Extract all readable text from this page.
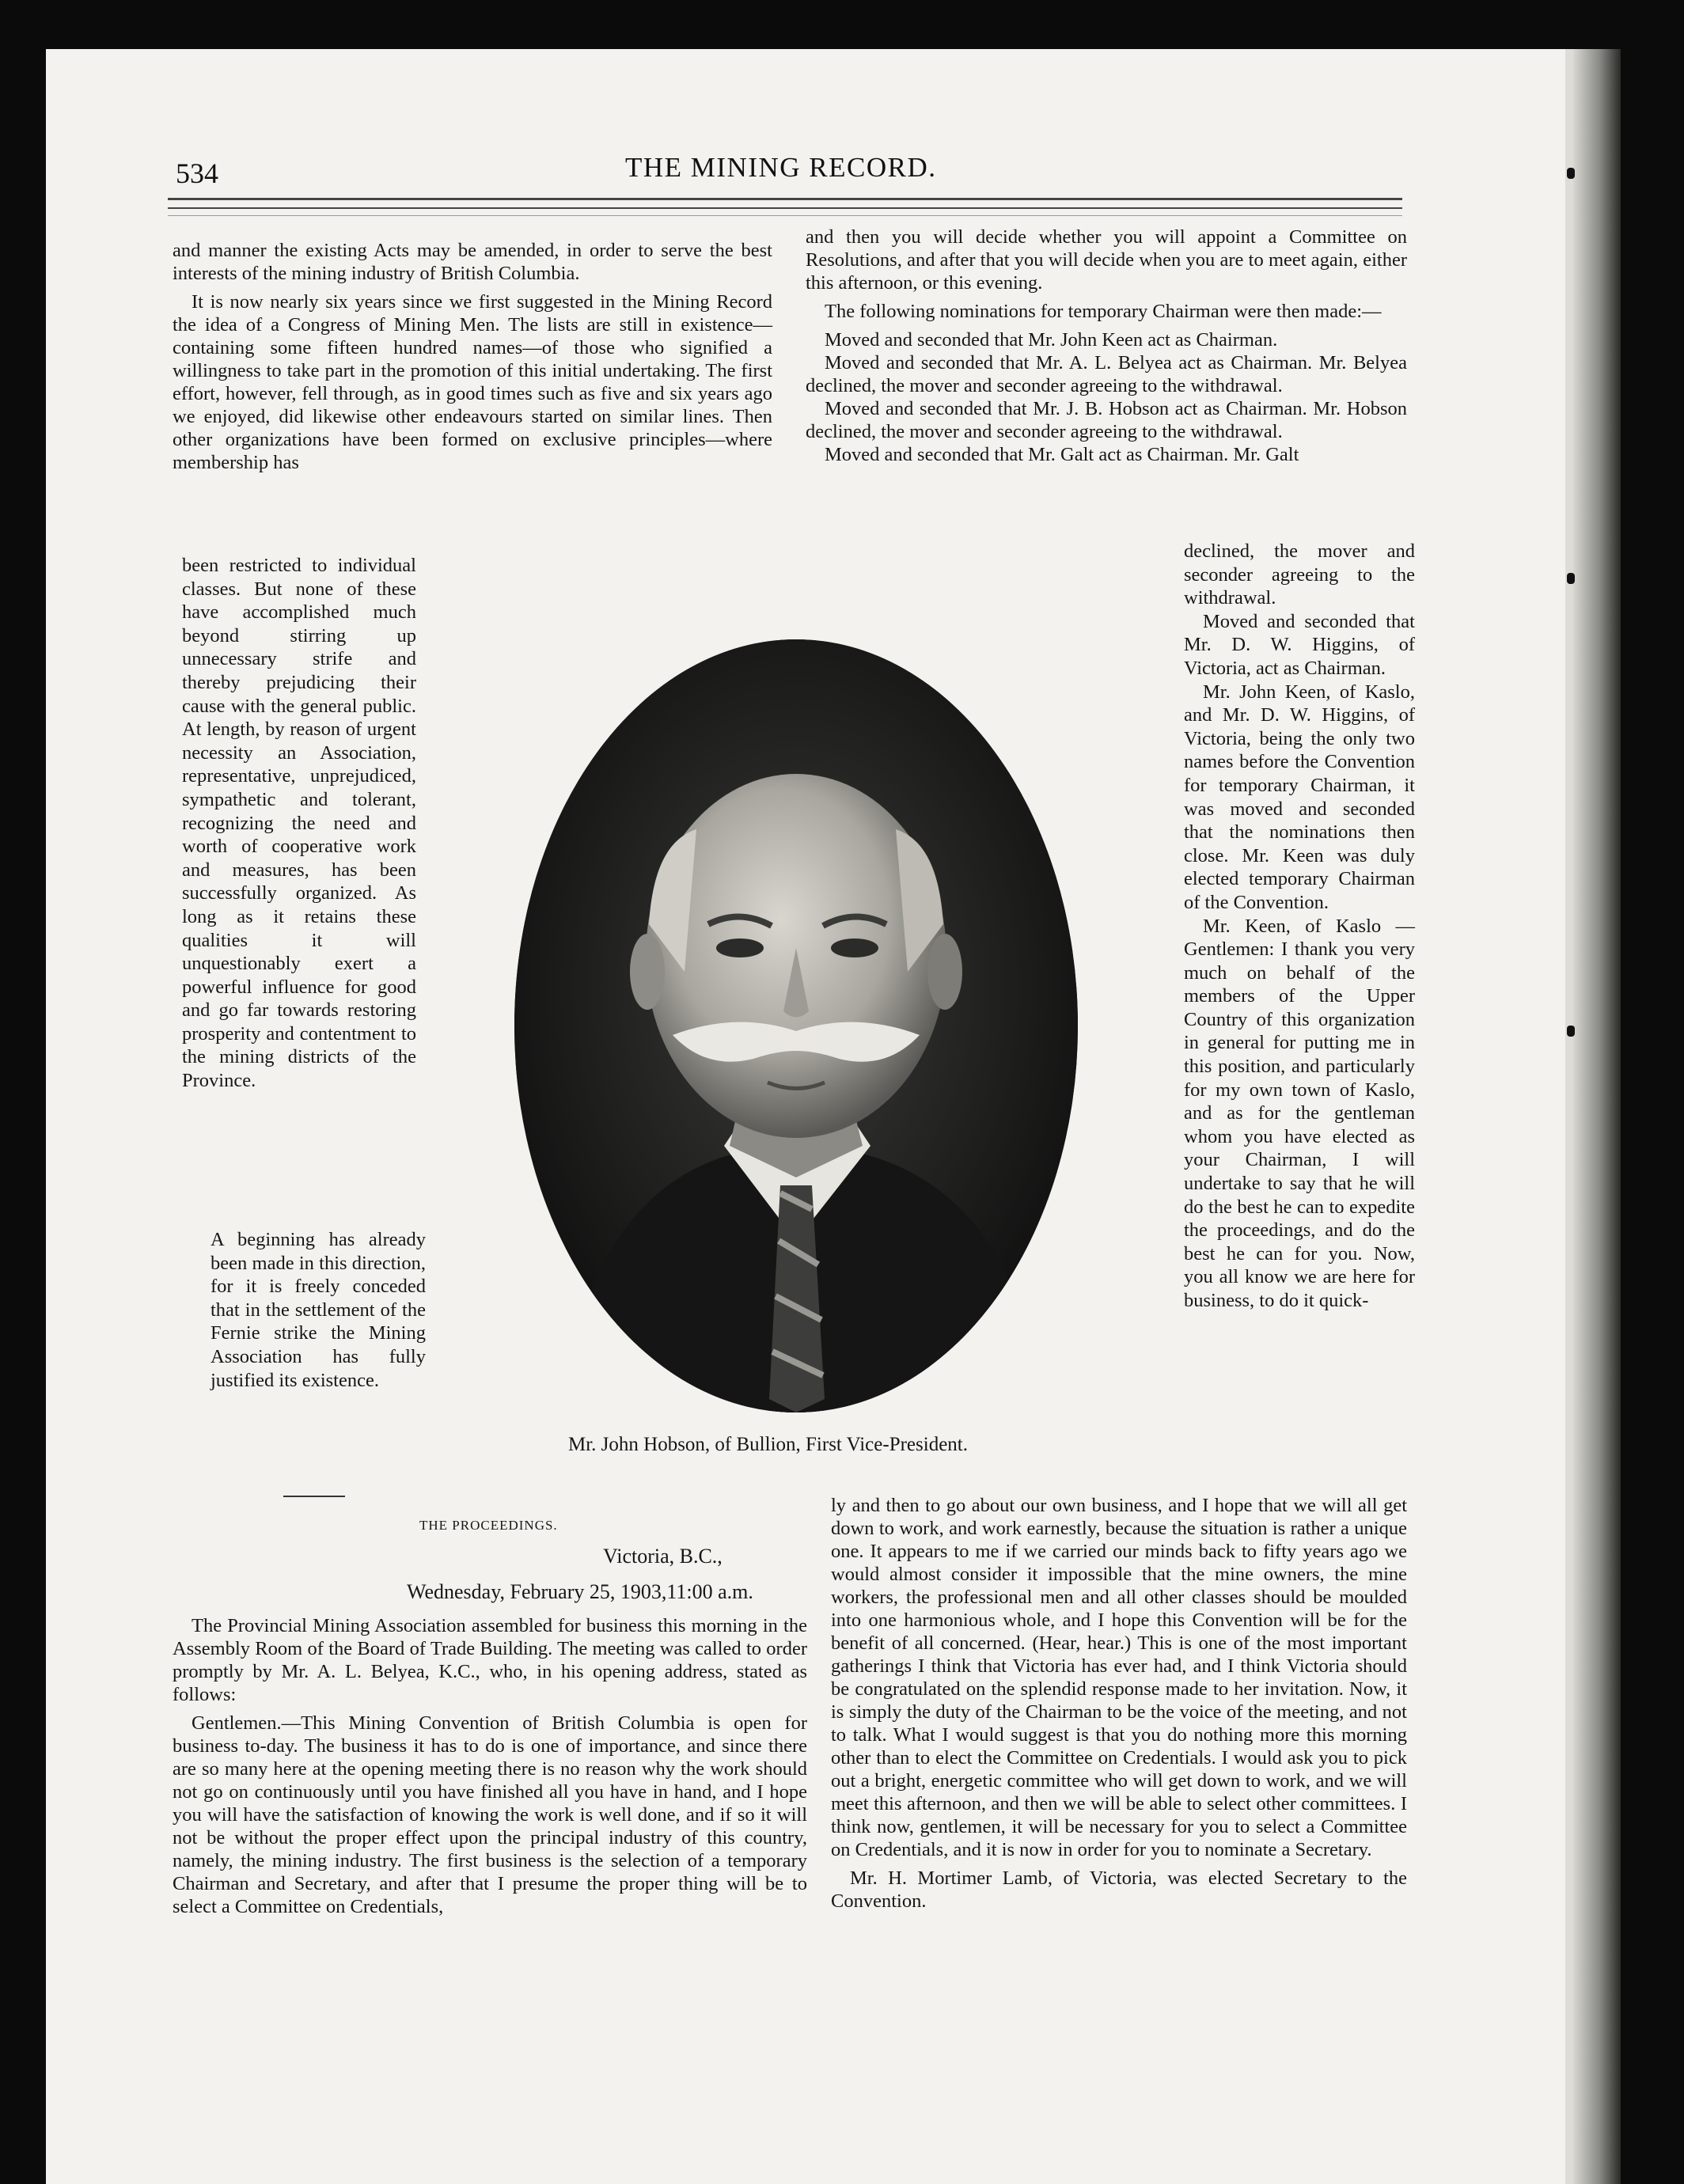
534	THE MINING RECORD.

and manner the existing Acts may be amended, in order to serve the best interests of the mining industry of British Columbia.

It is now nearly six years since we first suggested in the Mining Record the idea of a Congress of Mining Men. The lists are still in existence—containing some fifteen hundred names—of those who signified a willingness to take part in the promotion of this initial undertaking. The first effort, however, fell through, as in good times such as five and six years ago we enjoyed, did likewise other endeavours started on similar lines. Then other organizations have been formed on exclusive principles—where membership has

been restricted to individual classes. But none of these have accomplished much beyond stirring up unnecessary strife and thereby prejudicing their cause with the general public. At length, by reason of urgent necessity an Association, representative, unprejudiced, sympathetic and tolerant, recognizing the need and worth of cooperative work and measures, has been successfully organized. As long as it retains these qualities it will unquestionably exert a powerful influence for good and go far towards restoring prosperity and contentment to the mining districts of the Province.

A beginning has already been made in this direction, for it is freely conceded that in the settlement of the Fernie strike the Mining Association has fully justified its existence.

and then you will decide whether you will appoint a Committee on Resolutions, and after that you will decide when you are to meet again, either this afternoon, or this evening.

The following nominations for temporary Chairman were then made:—

Moved and seconded that Mr. John Keen act as Chairman.

Moved and seconded that Mr. A. L. Belyea act as Chairman. Mr. Belyea declined, the mover and seconder agreeing to the withdrawal.

Moved and seconded that Mr. J. B. Hobson act as Chairman. Mr. Hobson declined, the mover and seconder agreeing to the withdrawal.

Moved and seconded that Mr. Galt act as Chairman. Mr. Galt

declined, the mover and seconder agreeing to the withdrawal.

Moved and seconded that Mr. D. W. Higgins, of Victoria, act as Chairman.

Mr. John Keen, of Kaslo, and Mr. D. W. Higgins, of Victoria, being the only two names before the Convention for temporary Chairman, it was moved and seconded that the nominations then close. Mr. Keen was duly elected temporary Chairman of the Convention.

Mr. Keen, of Kaslo —Gentlemen: I thank you very much on behalf of the members of the Upper Country of this organization in general for putting me in this position, and particularly for my own town of Kaslo, and as for the gentleman whom you have elected as your Chairman, I will undertake to say that he will do the best he can to expedite the proceedings, and do the best he can for you. Now, you all know we are here for business, to do it quick-

ly and then to go about our own business, and I hope that we will all get down to work, and work earnestly, because the situation is rather a unique one. It appears to me if we carried our minds back to fifty years ago we would almost consider it impossible that the mine owners, the mine workers, the professional men and all other classes should be moulded into one harmonious whole, and I hope this Convention will be for the benefit of all concerned. (Hear, hear.) This is one of the most important gatherings I think that Victoria has ever had, and I think Victoria should be congratulated on the splendid response made to her invitation. Now, it is simply the duty of the Chairman to be the voice of the meeting, and not to talk. What I would suggest is that you do nothing more this morning other than to elect the Committee on Credentials. I would ask you to pick out a bright, energetic committee who will get down to work, and we will meet this afternoon, and then we will be able to select other committees. I think now, gentlemen, it will be necessary for you to select a Committee on Credentials, and it is now in order for you to nominate a Secretary.

Mr. H. Mortimer Lamb, of Victoria, was elected Secretary to the Convention.

Mr. John Hobson, of Bullion, First Vice-President.
THE PROCEEDINGS.
Victoria, B.C.,
Wednesday, February 25, 1903,11:00 a.m.

The Provincial Mining Association assembled for business this morning in the Assembly Room of the Board of Trade Building. The meeting was called to order promptly by Mr. A. L. Belyea, K.C., who, in his opening address, stated as follows:

Gentlemen.—This Mining Convention of British Columbia is open for business to-day. The business it has to do is one of importance, and since there are so many here at the opening meeting there is no reason why the work should not go on continuously until you have finished all you have in hand, and I hope you will have the satisfaction of knowing the work is well done, and if so it will not be without the proper effect upon the principal industry of this country, namely, the mining industry. The first business is the selection of a temporary Chairman and Secretary, and after that I presume the proper thing will be to select a Committee on Credentials,
